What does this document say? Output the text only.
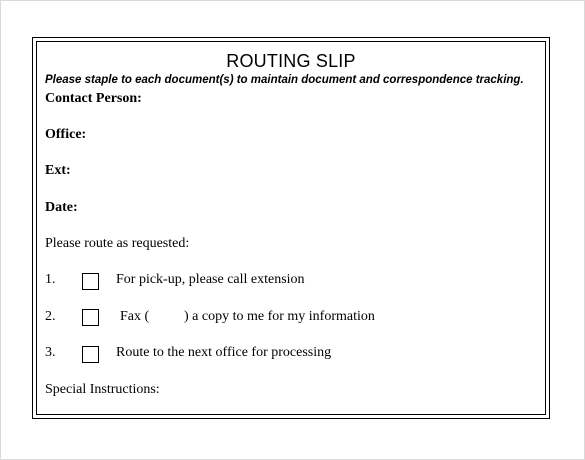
ROUTING SLIP
Please staple to each document(s) to maintain document and correspondence tracking.
Contact Person:
Office:
Ext:
Date:
Please route as requested:
1.	For pick-up, please call extension
2.	Fax ( ) a copy to me for my information
3.	Route to the next office for processing
Special Instructions:
